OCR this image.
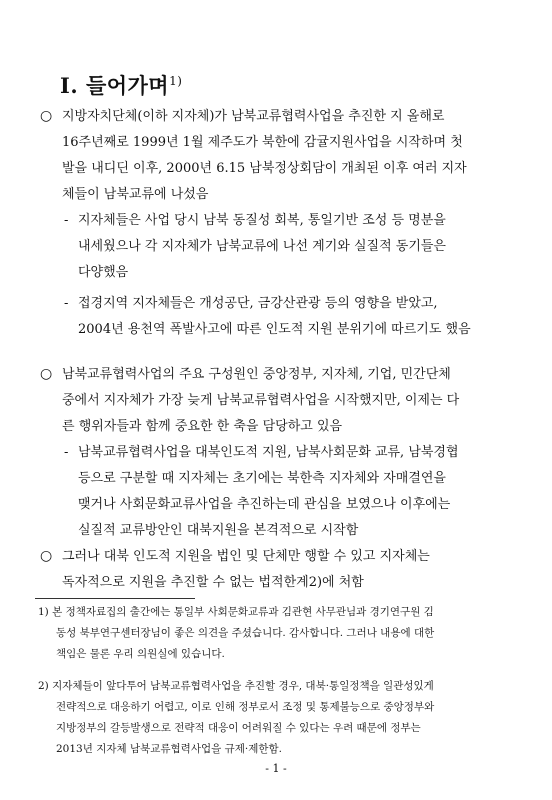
Ⅰ. 들어가며$^{1)}$
○ 지방자치단체(이하 지자체)가 남북교류협력사업을 추진한 지 올해로
16주년째로 1999년 1월 제주도가 북한에 감귤지원사업을 시작하며 첫
발을 내디딘 이후, 2000년 6.15 남북정상회담이 개최된 이후 여러 지자
체들이 남북교류에 나섰음
- 지자체들은 사업 당시 남북 동질성 회복, 통일기반 조성 등 명분을
내세웠으나 각 지자체가 남북교류에 나선 계기와 실질적 동기들은
다양했음
- 접경지역 지자체들은 개성공단, 금강산관광 등의 영향을 받았고,
2004년 용천역 폭발사고에 따른 인도적 지원 분위기에 따르기도 했음
○ 남북교류협력사업의 주요 구성원인 중앙정부, 지자체, 기업, 민간단체
중에서 지자체가 가장 늦게 남북교류협력사업을 시작했지만, 이제는 다
른 행위자들과 함께 중요한 한 축을 담당하고 있음
- 남북교류협력사업을 대북인도적 지원, 남북사회문화 교류, 남북경협
등으로 구분할 때 지자체는 초기에는 북한측 지자체와 자매결연을
맺거나 사회문화교류사업을 추진하는데 관심을 보였으나 이후에는
실질적 교류방안인 대북지원을 본격적으로 시작함
○ 그러나 대북 인도적 지원을 법인 및 단체만 행할 수 있고 지자체는
독자적으로 지원을 추진할 수 없는 법적한계2)에 처함
1) 본 정책자료집의 출간에는 통일부 사회문화교류과 김관현 사무관님과 경기연구원 김
동성 북부연구센터장님이 좋은 의견을 주셨습니다. 감사합니다. 그러나 내용에 대한
책임은 물론 우리 의원실에 있습니다.
2) 지자체들이 앞다투어 남북교류협력사업을 추진할 경우, 대북·통일정책을 일관성있게
전략적으로 대응하기 어렵고, 이로 인해 정부로서 조정 및 통제불능으로 중앙정부와
지방정부의 갈등발생으로 전략적 대응이 어려워질 수 있다는 우려 때문에 정부는
2013년 지자체 남북교류협력사업을 규제·제한함.
- 1 -
